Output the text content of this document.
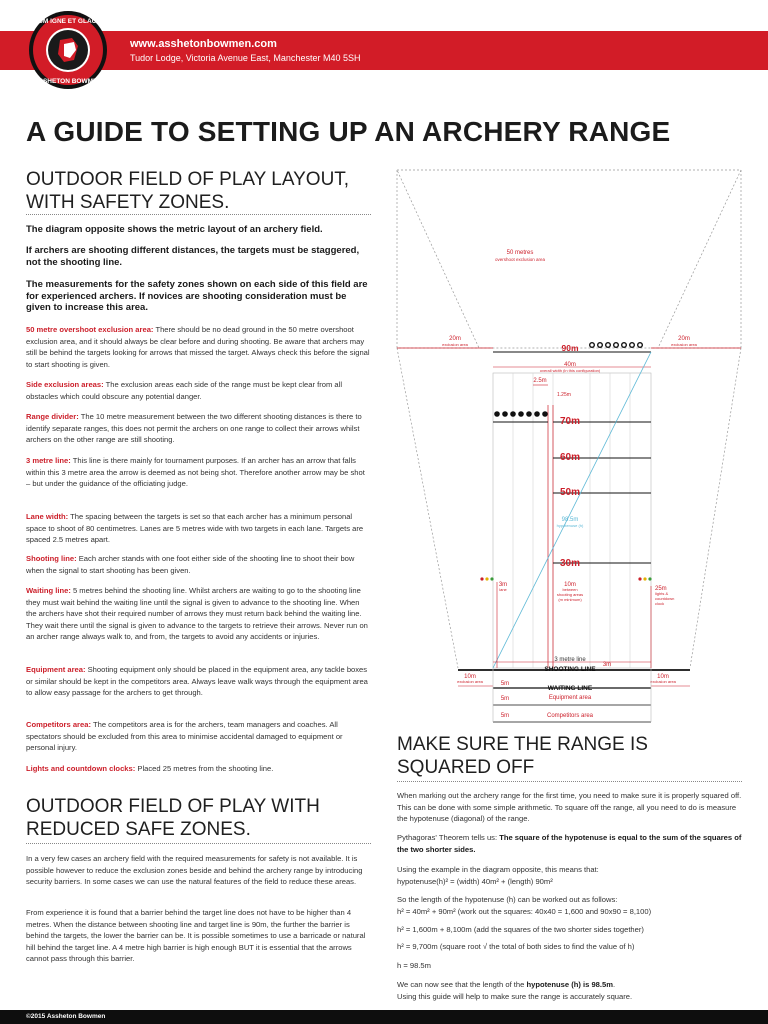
CUM IGNE ET GLACIE
ASSHETON BOWMEN
www.asshetonbowmen.com
Tudor Lodge, Victoria Avenue East, Manchester M40 5SH
A GUIDE TO SETTING UP AN ARCHERY RANGE
OUTDOOR FIELD OF PLAY LAYOUT,
WITH SAFETY ZONES.
The diagram opposite shows the metric layout of an archery field.
If archers are shooting different distances, the targets must be staggered, not the shooting line.
The measurements for the safety zones shown on each side of this field are for experienced archers. If novices are shooting consideration must be given to increase this area.
50 metre overshoot exclusion area: There should be no dead ground in the 50 metre overshoot exclusion area, and it should always be clear before and during shooting. Be aware that archers may still be behind the targets looking for arrows that missed the target. Always check this before the signal to start shooting is given.
Side exclusion areas: The exclusion areas each side of the range must be kept clear from all obstacles which could obscure any potential danger.
Range divider: The 10 metre measurement between the two different shooting distances is there to identify separate ranges, this does not permit the archers on one range to collect their arrows whilst archers on the other range are still shooting.
3 metre line: This line is there mainly for tournament purposes. If an archer has an arrow that falls within this 3 metre area the arrow is deemed as not being shot. Therefore another arrow may be shot – but under the guidance of the officiating judge.
Lane width: The spacing between the targets is set so that each archer has a minimum personal space to shoot of 80 centimetres. Lanes are 5 metres wide with two targets in each lane. Targets are spaced 2.5 metres apart.
Shooting line: Each archer stands with one foot either side of the shooting line to shoot their bow when the signal to start shooting has been given.
Waiting line: 5 metres behind the shooting line. Whilst archers are waiting to go to the shooting line they must wait behind the waiting line until the signal is given to advance to the shooting line. When the archers have shot their required number of arrows they must return back behind the waiting line. They wait there until the signal is given to advance to the targets to retrieve their arrows. Never run on an archer range always walk to, and from, the targets to avoid any accidents or injuries.
Equipment area: Shooting equipment only should be placed in the equipment area, any tackle boxes or similar should be kept in the competitors area. Always leave walk ways through the equipment area to allow easy passage for the archers to get through.
Competitors area: The competitors area is for the archers, team managers and coaches. All spectators should be excluded from this area to minimise accidental damaged to equipment or personal injury.
Lights and countdown clocks: Placed 25 metres from the shooting line.
OUTDOOR FIELD OF PLAY WITH
REDUCED SAFE ZONES.
In a very few cases an archery field with the required measurements for safety is not available. It is possible however to reduce the exclusion zones beside and behind the archery range by introducing security barriers. In some cases we can use the natural features of the field to reduce these areas.
From experience it is found that a barrier behind the target line does not have to be higher than 4 metres. When the distance between shooting line and target line is 90m, the further the barrier is behind the targets, the lower the barrier can be. It is possible sometimes to use a barricade or natural hill behind the target line. A 4 metre high barrier is high enough BUT it is essential that the arrows cannot pass through this barrier.
MAKE SURE THE RANGE IS
SQUARED OFF
When marking out the archery range for the first time, you need to make sure it is properly squared off. This can be done with some simple arithmetic. To square off the range, all you need to do is measure the hypotenuse (diagonal) of the range.
Pythagoras' Theorem tells us: The square of the hypotenuse is equal to the sum of the squares of the two shorter sides.
Using the example in the diagram opposite, this means that:
hypotenuse(h)² = (width) 40m² + (length) 90m²
So the length of the hypotenuse (h) can be worked out as follows:
h² = 40m² + 90m² (work out the squares: 40x40 = 1,600 and 90x90 = 8,100)
h² = 1,600m + 8,100m (add the squares of the two shorter sides together)
h² = 9,700m (square root √ the total of both sides to find the value of h)
h = 98.5m
We can now see that the length of the hypotenuse (h) is 98.5m.
Using this guide will help to make sure the range is accurately square.
50 metres
overshoot exclusion area
20m
exclusion area
20m
exclusion area
90m
40m
overall width (in this configuration)
2.5m
1.25m
70m
60m
50m
98.5m
hypotenuse (h)
30m
3m
lane
10m
between
shooting areas
(m minimum)
25m
lights &
countdown
clock
3 metre line
3m
SHOOTING LINE
10m
exclusion area
10m
exclusion area
WAITING LINE
5m
Equipment area
5m
Competitors area
5m
©2015 Assheton Bowmen
